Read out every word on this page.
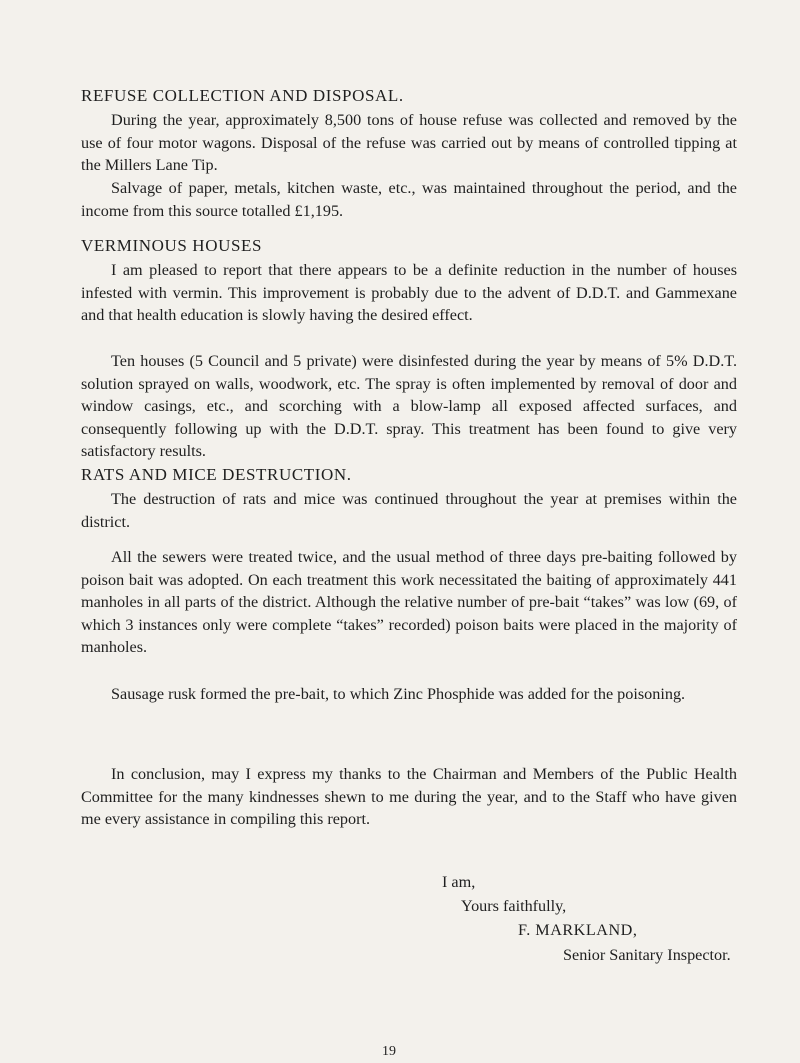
REFUSE COLLECTION AND DISPOSAL.

During the year, approximately 8,500 tons of house refuse was collected and removed by the use of four motor wagons. Disposal of the refuse was carried out by means of controlled tipping at the Millers Lane Tip.

Salvage of paper, metals, kitchen waste, etc., was maintained throughout the period, and the income from this source totalled £1,195.

VERMINOUS HOUSES

I am pleased to report that there appears to be a definite reduction in the number of houses infested with vermin. This improvement is probably due to the advent of D.D.T. and Gammexane and that health education is slowly having the desired effect.

Ten houses (5 Council and 5 private) were disinfested during the year by means of 5% D.D.T. solution sprayed on walls, woodwork, etc. The spray is often implemented by removal of door and window casings, etc., and scorching with a blow-lamp all exposed affected surfaces, and consequently following up with the D.D.T. spray. This treatment has been found to give very satisfactory results.

RATS AND MICE DESTRUCTION.

The destruction of rats and mice was continued throughout the year at premises within the district.

All the sewers were treated twice, and the usual method of three days pre-baiting followed by poison bait was adopted. On each treatment this work necessitated the baiting of approximately 441 manholes in all parts of the district. Although the relative number of pre-bait “takes” was low (69, of which 3 instances only were complete “takes” recorded) poison baits were placed in the majority of manholes.

Sausage rusk formed the pre-bait, to which Zinc Phosphide was added for the poisoning.

In conclusion, may I express my thanks to the Chairman and Members of the Public Health Committee for the many kindnesses shewn to me during the year, and to the Staff who have given me every assistance in compiling this report.

I am,

Yours faithfully,

F. MARKLAND,

Senior Sanitary Inspector.

19
